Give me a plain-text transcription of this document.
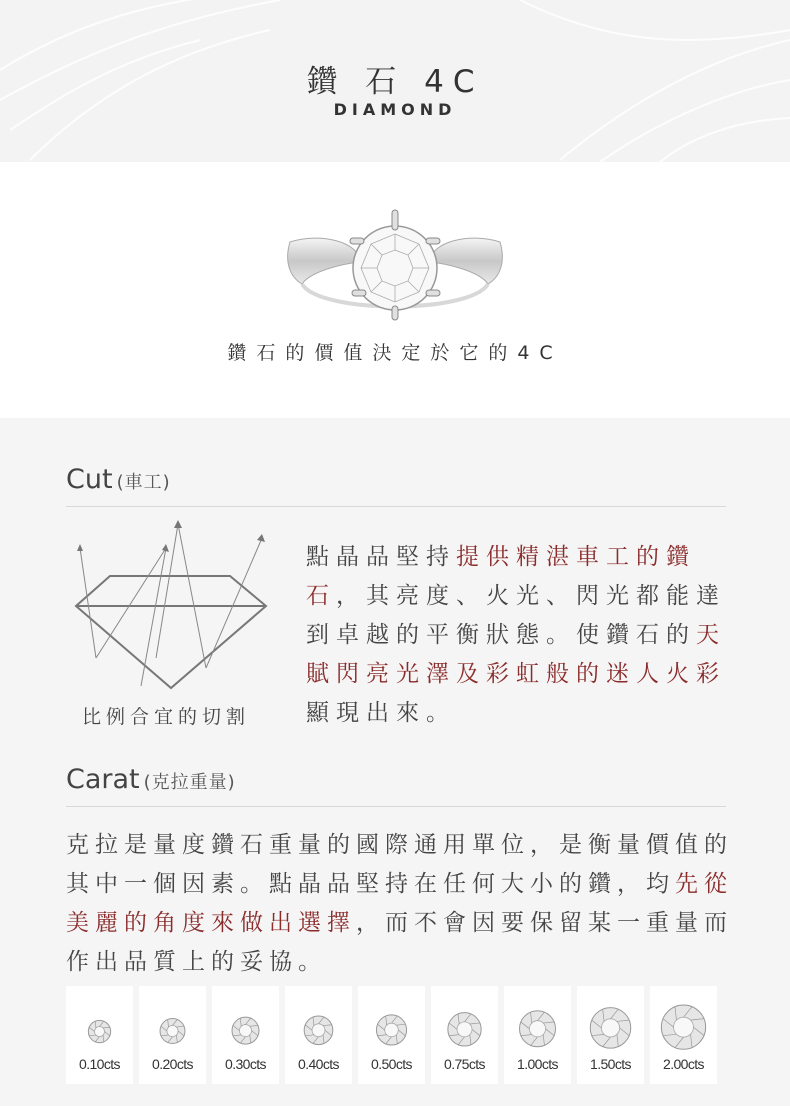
鑽 石 4C
DIAMOND
鑽石的價值決定於它的4C
Cut (車工)
比例合宜的切割
點晶品堅持提供精湛車工的鑽石，其亮度、火光、閃光都能達到卓越的平衡狀態。使鑽石的天賦閃亮光澤及彩虹般的迷人火彩顯現出來。
Carat (克拉重量)
克拉是量度鑽石重量的國際通用單位，是衡量價值的其中一個因素。點晶品堅持在任何大小的鑽，均先從美麗的角度來做出選擇，而不會因要保留某一重量而作出品質上的妥協。
0.10cts	0.20cts	0.30cts	0.40cts	0.50cts	0.75cts	1.00cts	1.50cts	2.00cts
